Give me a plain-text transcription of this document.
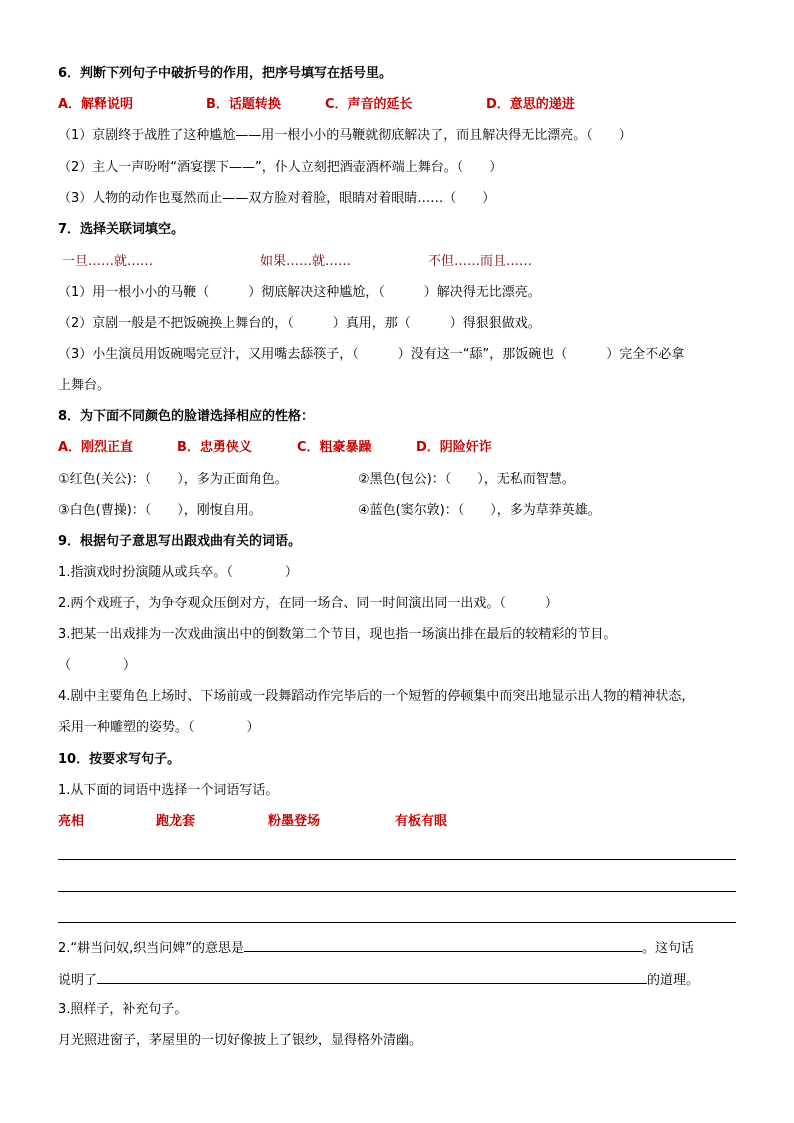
6．判断下列句子中破折号的作用，把序号填写在括号里。
A．解释说明	B．话题转换	C．声音的延长	D．意思的递进
（1）京剧终于战胜了这种尴尬——用一根小小的马鞭就彻底解决了，而且解决得无比漂亮。（　　）
（2）主人一声吩咐“酒宴摆下——”，仆人立刻把酒壶酒杯端上舞台。（　　）
（3）人物的动作也戛然而止——双方脸对着脸，眼睛对着眼睛……（　　）
7．选择关联词填空。
一旦……就……	如果……就……	不但……而且……
（1）用一根小小的马鞭（　　　）彻底解决这种尴尬，（　　　）解决得无比漂亮。
（2）京剧一般是不把饭碗换上舞台的，（　　　）真用，那（　　　）得狠狠做戏。
（3）小生演员用饭碗喝完豆汁，又用嘴去舔筷子，（　　　）没有这一“舔”，那饭碗也（　　　）完全不必拿
上舞台。
8．为下面不同颜色的脸谱选择相应的性格：
A．刚烈正直	B．忠勇侠义	C．粗豪暴躁	D．阴险奸诈
①红色(关公)：（　　），多为正面角色。	②黑色(包公)：（　　），无私而智慧。
③白色(曹操)：（　　），刚愎自用。	④蓝色(窦尔敦)：（　　），多为草莽英雄。
9．根据句子意思写出跟戏曲有关的词语。
1.指演戏时扮演随从或兵卒。（　　　　）
2.两个戏班子，为争夺观众压倒对方，在同一场合、同一时间演出同一出戏。（　　　）
3.把某一出戏排为一次戏曲演出中的倒数第二个节目，现也指一场演出排在最后的较精彩的节目。
（　　　　）
4.剧中主要角色上场时、下场前或一段舞蹈动作完毕后的一个短暂的停顿集中而突出地显示出人物的精神状态，
采用一种雕塑的姿势。（　　　　）
10．按要求写句子。
1.从下面的词语中选择一个词语写话。
亮相	跑龙套	粉墨登场	有板有眼
2.“耕当问奴,织当问婢”的意思是	。这句话
说明了	的道理。
3.照样子，补充句子。
月光照进窗子，茅屋里的一切好像披上了银纱，显得格外清幽。
